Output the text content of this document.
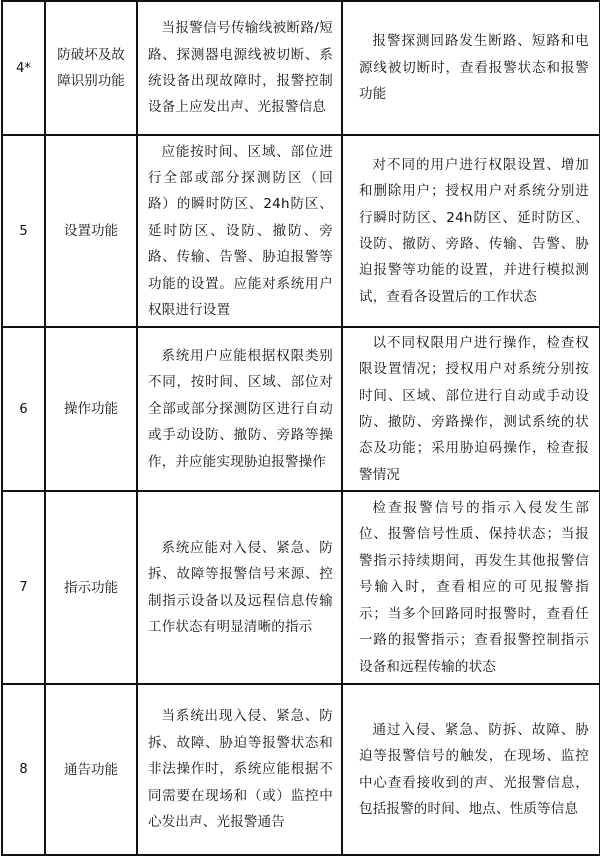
4*	防破坏及故障识别功能	当报警信号传输线被断路/短路、探测器电源线被切断、系统设备出现故障时，报警控制设备上应发出声、光报警信息	报警探测回路发生断路、短路和电源线被切断时，查看报警状态和报警功能

5	设置功能	应能按时间、区域、部位进行全部或部分探测防区（回路）的瞬时防区、24h防区、延时防区、设防、撤防、旁路、传输、告警、胁迫报警等功能的设置。应能对系统用户权限进行设置	对不同的用户进行权限设置、增加和删除用户；授权用户对系统分别进行瞬时防区、24h防区、延时防区、设防、撤防、旁路、传输、告警、胁迫报警等功能的设置，并进行模拟测试，查看各设置后的工作状态

6	操作功能	系统用户应能根据权限类别不同，按时间、区域、部位对全部或部分探测防区进行自动或手动设防、撤防、旁路等操作，并应能实现胁迫报警操作	以不同权限用户进行操作，检查权限设置情况；授权用户对系统分别按时间、区域、部位进行自动或手动设防、撤防、旁路操作，测试系统的状态及功能；采用胁迫码操作，检查报警情况

7	指示功能	系统应能对入侵、紧急、防拆、故障等报警信号来源、控制指示设备以及远程信息传输工作状态有明显清晰的指示	检查报警信号的指示入侵发生部位、报警信号性质、保持状态；当报警指示持续期间，再发生其他报警信号输入时，查看相应的可见报警指示；当多个回路同时报警时，查看任一路的报警指示；查看报警控制指示设备和远程传输的状态

8	通告功能	当系统出现入侵、紧急、防拆、故障、胁迫等报警状态和非法操作时，系统应能根据不同需要在现场和（或）监控中心发出声、光报警通告	通过入侵、紧急、防拆、故障、胁迫等报警信号的触发，在现场、监控中心查看接收到的声、光报警信息，包括报警的时间、地点、性质等信息
